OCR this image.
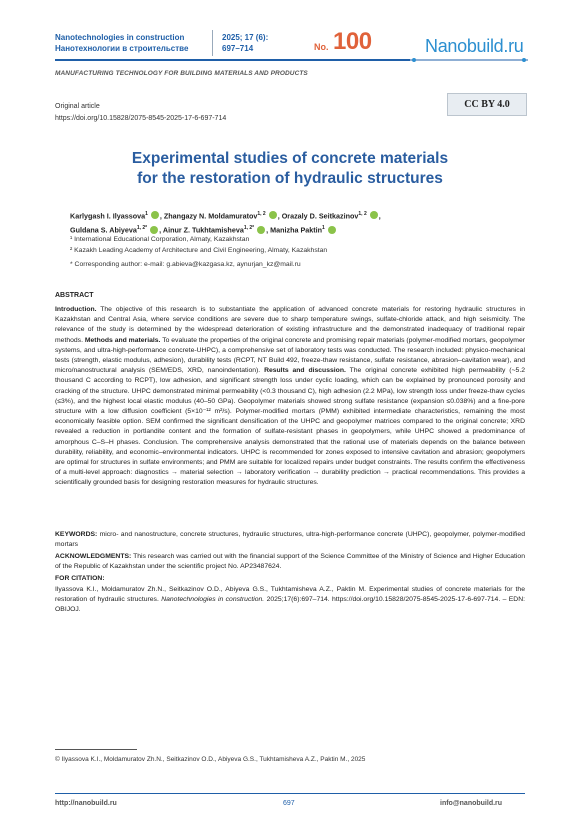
Nanotechnologies in construction
Нанотехнологии в строительстве
2025; 17 (6):
697–714	No. 100	Nanobuild.ru
MANUFACTURING TECHNOLOGY FOR BUILDING MATERIALS AND PRODUCTS
Original article
https://doi.org/10.15828/2075-8545-2025-17-6-697-714
CC BY 4.0
Experimental studies of concrete materials
for the restoration of hydraulic structures
Karlygash I. Ilyassova$^1$ , Zhangazy N. Moldamuratov$^{1, 2}$ , Orazaly D. Seitkazinov$^{1, 2}$ ,
Guldana S. Abiyeva$^{1, 2*}$ , Ainur Z. Tukhtamisheva$^{1, 2*}$ , Manizha Paktin$^1$
¹ International Educational Corporation, Almaty, Kazakhstan
² Kazakh Leading Academy of Architecture and Civil Engineering, Almaty, Kazakhstan
* Corresponding author: e-mail: g.abieva@kazgasa.kz, aynurjan_kz@mail.ru
ABSTRACT
Introduction. The objective of this research is to substantiate the application of advanced concrete materials for restoring hydraulic structures in Kazakhstan and Central Asia, where service conditions are severe due to sharp temperature swings, sulfate-chloride attack, and high seismicity. The relevance of the study is determined by the widespread deterioration of existing infrastructure and the demonstrated inadequacy of traditional repair methods. Methods and materials. To evaluate the properties of the original concrete and promising repair materials (polymer-modified mortars, geopolymer systems, and ultra-high-performance concrete-UHPC), a comprehensive set of laboratory tests was conducted. The research included: physico-mechanical tests (strength, elastic modulus, adhesion), durability tests (RCPT, NT Build 492, freeze-thaw resistance, sulfate resistance, abrasion–cavitation wear), and micro/nanostructural analysis (SEM/EDS, XRD, nanoindentation). Results and discussion. The original concrete exhibited high permeability (~5.2 thousand C according to RCPT), low adhesion, and significant strength loss under cyclic loading, which can be explained by pronounced porosity and cracking of the structure. UHPC demonstrated minimal permeability (<0.3 thousand C), high adhesion (2.2 MPa), low strength loss under freeze-thaw cycles (≤3%), and the highest local elastic modulus (40–50 GPa). Geopolymer materials showed strong sulfate resistance (expansion ≤0.038%) and a fine-pore structure with a low diffusion coefficient (5×10⁻¹² m²/s). Polymer-modified mortars (PMM) exhibited intermediate characteristics, remaining the most economically feasible option. SEM confirmed the significant densification of the UHPC and geopolymer matrices compared to the original concrete; XRD revealed a reduction in portlandite content and the formation of sulfate-resistant phases in geopolymers, while UHPC showed a predominance of amorphous C–S–H phases. Conclusion. The comprehensive analysis demonstrated that the rational use of materials depends on the balance between durability, reliability, and economic–environmental indicators. UHPC is recommended for zones exposed to intensive cavitation and abrasion; geopolymers are optimal for structures in sulfate environments; and PMM are suitable for localized repairs under budget constraints. The results confirm the effectiveness of a multi-level approach: diagnostics → material selection → laboratory verification → durability prediction → practical recommendations. This provides a scientifically grounded basis for designing restoration measures for hydraulic structures.
KEYWORDS: micro- and nanostructure, concrete structures, hydraulic structures, ultra-high-performance concrete (UHPC), geopolymer, polymer-modified mortars
ACKNOWLEDGMENTS: This research was carried out with the financial support of the Science Committee of the Ministry of Science and Higher Education of the Republic of Kazakhstan under the scientific project No. AP23487624.
FOR CITATION:
Ilyassova K.I., Moldamuratov Zh.N., Seitkazinov O.D., Abiyeva G.S., Tukhtamisheva A.Z., Paktin M. Experimental studies of concrete materials for the restoration of hydraulic structures. Nanotechnologies in construction. 2025;17(6):697–714. https://doi.org/10.15828/2075-8545-2025-17-6-697-714. – EDN: OBIJOJ.
© Ilyassova K.I., Moldamuratov Zh.N., Seitkazinov O.D., Abiyeva G.S., Tukhtamisheva A.Z., Paktin M., 2025
http://nanobuild.ru	697	info@nanobuild.ru
